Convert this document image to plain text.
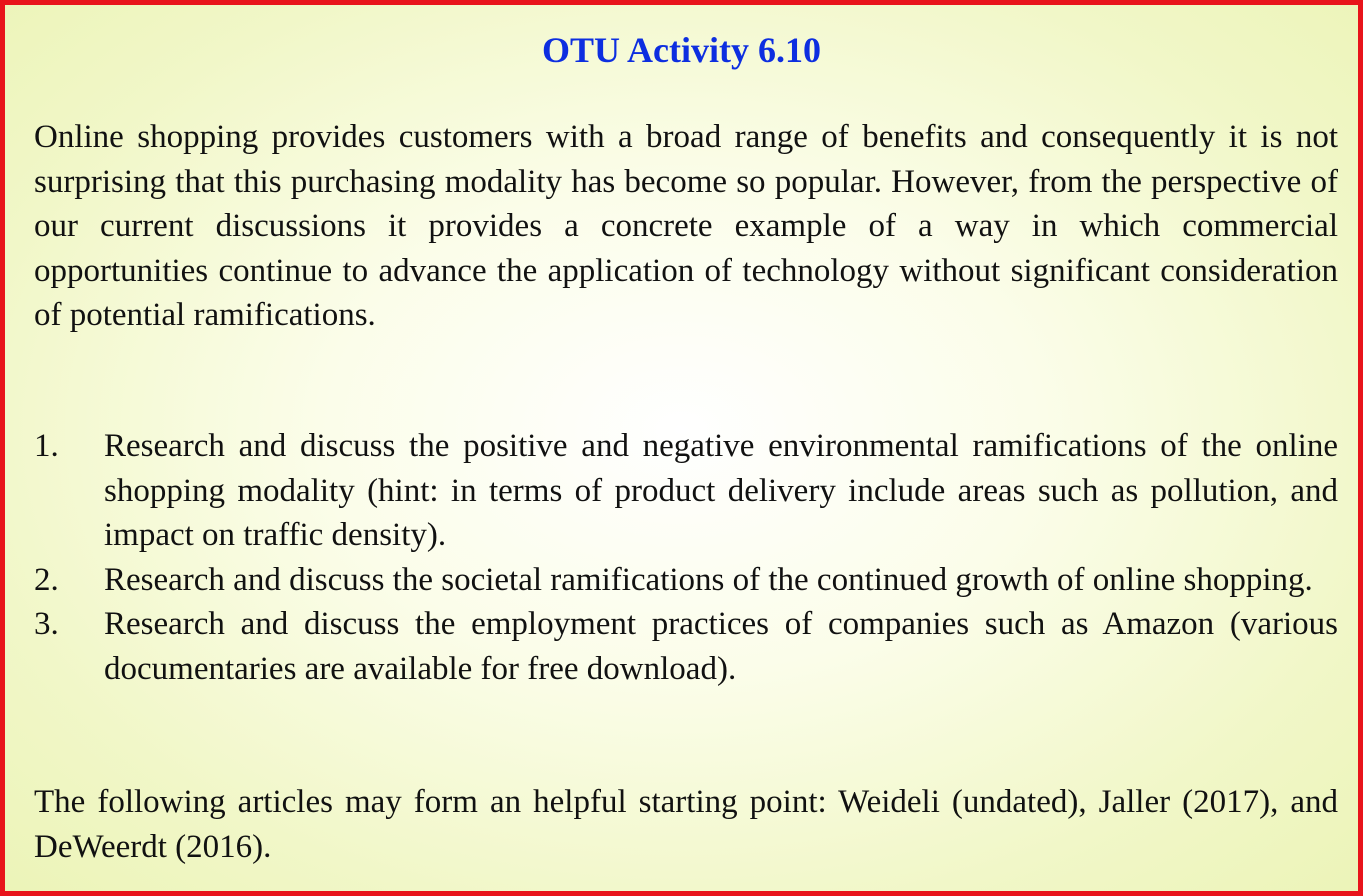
OTU Activity 6.10

Online shopping provides customers with a broad range of benefits and consequently it is not surprising that this purchasing modality has become so popular. However, from the perspective of our current discussions it provides a concrete example of a way in which commercial opportunities continue to advance the application of technology without significant consideration of potential ramifications.

1.	Research and discuss the positive and negative environmental ramifications of the online shopping modality (hint: in terms of product delivery include areas such as pollution, and impact on traffic density).
2.	Research and discuss the societal ramifications of the continued growth of online shopping.
3.	Research and discuss the employment practices of companies such as Amazon (various documentaries are available for free download).

The following articles may form an helpful starting point: Weideli (undated), Jaller (2017), and DeWeerdt (2016).
